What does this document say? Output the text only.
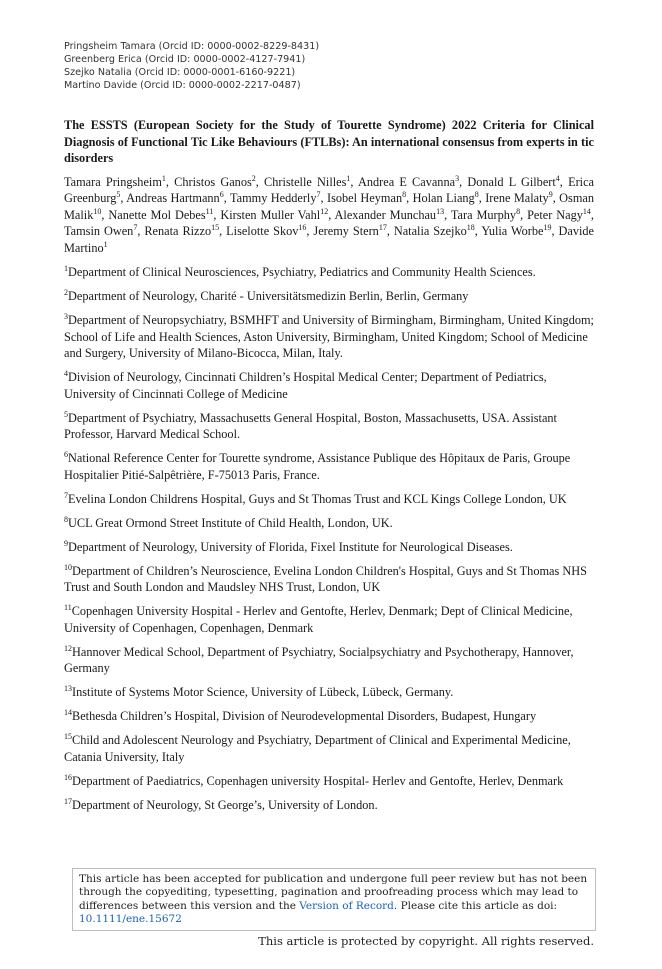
Pringsheim Tamara (Orcid ID: 0000-0002-8229-8431)
Greenberg Erica (Orcid ID: 0000-0002-4127-7941)
Szejko Natalia (Orcid ID: 0000-0001-6160-9221)
Martino Davide (Orcid ID: 0000-0002-2217-0487)
The ESSTS (European Society for the Study of Tourette Syndrome) 2022 Criteria for Clinical Diagnosis of Functional Tic Like Behaviours (FTLBs): An international consensus from experts in tic disorders
Tamara Pringsheim$^1$, Christos Ganos$^2$, Christelle Nilles$^1$, Andrea E Cavanna$^3$, Donald L Gilbert$^4$, Erica Greenburg$^5$, Andreas Hartmann$^6$, Tammy Hedderly$^7$, Isobel Heyman$^8$, Holan Liang$^8$, Irene Malaty$^9$, Osman Malik$^{10}$, Nanette Mol Debes$^{11}$, Kirsten Muller Vahl$^{12}$, Alexander Munchau$^{13}$, Tara Murphy$^8$, Peter Nagy$^{14}$, Tamsin Owen$^7$, Renata Rizzo$^{15}$, Liselotte Skov$^{16}$, Jeremy Stern$^{17}$, Natalia Szejko$^{18}$, Yulia Worbe$^{19}$, Davide Martino$^1$
$^1$Department of Clinical Neurosciences, Psychiatry, Pediatrics and Community Health Sciences.
$^2$Department of Neurology, Charité - Universitätsmedizin Berlin, Berlin, Germany
$^3$Department of Neuropsychiatry, BSMHFT and University of Birmingham, Birmingham, United Kingdom; School of Life and Health Sciences, Aston University, Birmingham, United Kingdom; School of Medicine and Surgery, University of Milano-Bicocca, Milan, Italy.
$^4$Division of Neurology, Cincinnati Children’s Hospital Medical Center; Department of Pediatrics, University of Cincinnati College of Medicine
$^5$Department of Psychiatry, Massachusetts General Hospital, Boston, Massachusetts, USA. Assistant Professor, Harvard Medical School.
$^6$National Reference Center for Tourette syndrome, Assistance Publique des Hôpitaux de Paris, Groupe Hospitalier Pitié-Salpêtrière, F-75013 Paris, France.
$^7$Evelina London Childrens Hospital, Guys and St Thomas Trust and KCL Kings College London, UK
$^8$UCL Great Ormond Street Institute of Child Health, London, UK.
$^9$Department of Neurology, University of Florida, Fixel Institute for Neurological Diseases.
$^{10}$Department of Children’s Neuroscience, Evelina London Children's Hospital, Guys and St Thomas NHS Trust and South London and Maudsley NHS Trust, London, UK
$^{11}$Copenhagen University Hospital - Herlev and Gentofte, Herlev, Denmark; Dept of Clinical Medicine, University of Copenhagen, Copenhagen, Denmark
$^{12}$Hannover Medical School, Department of Psychiatry, Socialpsychiatry and Psychotherapy, Hannover, Germany
$^{13}$Institute of Systems Motor Science, University of Lübeck, Lübeck, Germany.
$^{14}$Bethesda Children’s Hospital, Division of Neurodevelopmental Disorders, Budapest, Hungary
$^{15}$Child and Adolescent Neurology and Psychiatry, Department of Clinical and Experimental Medicine, Catania University, Italy
$^{16}$Department of Paediatrics, Copenhagen university Hospital- Herlev and Gentofte, Herlev, Denmark
$^{17}$Department of Neurology, St George’s, University of London.
This article has been accepted for publication and undergone full peer review but has not been through the copyediting, typesetting, pagination and proofreading process which may lead to differences between this version and the Version of Record. Please cite this article as doi: 10.1111/ene.15672
This article is protected by copyright. All rights reserved.
